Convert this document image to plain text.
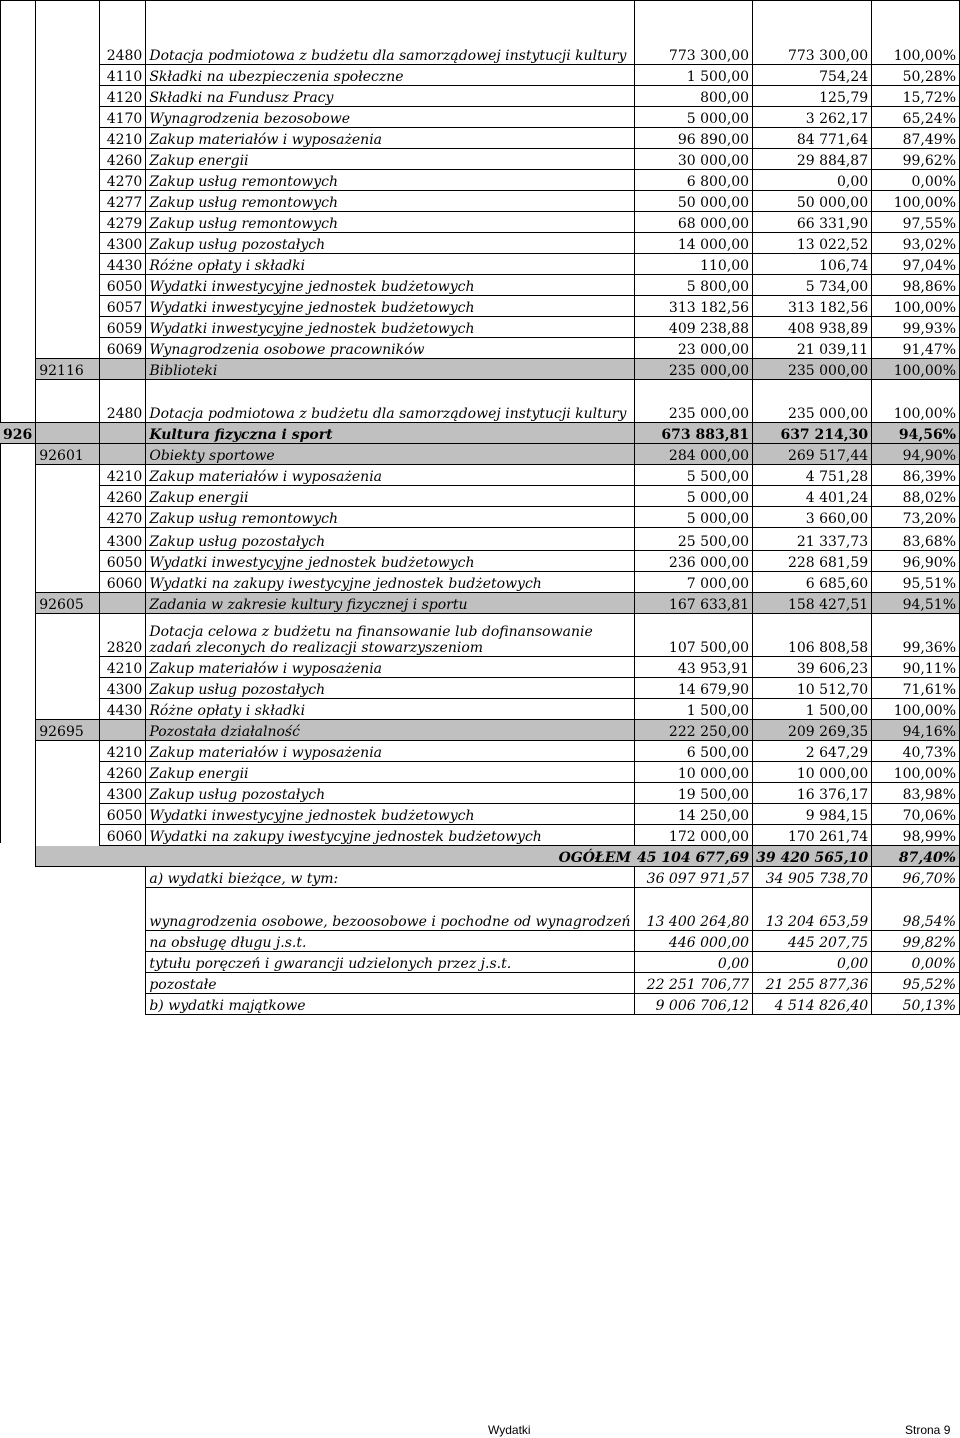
		2480	Dotacja podmiotowa z budżetu dla samorządowej instytucji kultury	773 300,00	773 300,00	100,00%
		4110	Składki na ubezpieczenia społeczne	1 500,00	754,24	50,28%
		4120	Składki na Fundusz Pracy	800,00	125,79	15,72%
		4170	Wynagrodzenia bezosobowe	5 000,00	3 262,17	65,24%
		4210	Zakup materiałów i wyposażenia	96 890,00	84 771,64	87,49%
		4260	Zakup energii	30 000,00	29 884,87	99,62%
		4270	Zakup usług remontowych	6 800,00	0,00	0,00%
		4277	Zakup usług remontowych	50 000,00	50 000,00	100,00%
		4279	Zakup usług remontowych	68 000,00	66 331,90	97,55%
		4300	Zakup usług pozostałych	14 000,00	13 022,52	93,02%
		4430	Różne opłaty i składki	110,00	106,74	97,04%
		6050	Wydatki inwestycyjne jednostek budżetowych	5 800,00	5 734,00	98,86%
		6057	Wydatki inwestycyjne jednostek budżetowych	313 182,56	313 182,56	100,00%
		6059	Wydatki inwestycyjne jednostek budżetowych	409 238,88	408 938,89	99,93%
		6069	Wynagrodzenia osobowe pracowników	23 000,00	21 039,11	91,47%
	92116		Biblioteki	235 000,00	235 000,00	100,00%
		2480	Dotacja podmiotowa z budżetu dla samorządowej instytucji kultury	235 000,00	235 000,00	100,00%
926			Kultura fizyczna i sport	673 883,81	637 214,30	94,56%
	92601		Obiekty sportowe	284 000,00	269 517,44	94,90%
		4210	Zakup materiałów i wyposażenia	5 500,00	4 751,28	86,39%
		4260	Zakup energii	5 000,00	4 401,24	88,02%
		4270	Zakup usług remontowych	5 000,00	3 660,00	73,20%
		4300	Zakup usług pozostałych	25 500,00	21 337,73	83,68%
		6050	Wydatki inwestycyjne jednostek budżetowych	236 000,00	228 681,59	96,90%
		6060	Wydatki na zakupy iwestycyjne jednostek budżetowych	7 000,00	6 685,60	95,51%
	92605		Zadania w zakresie kultury fizycznej i sportu	167 633,81	158 427,51	94,51%
		2820	Dotacja celowa z budżetu na finansowanie lub dofinansowanie zadań zleconych do realizacji stowarzyszeniom	107 500,00	106 808,58	99,36%
		4210	Zakup materiałów i wyposażenia	43 953,91	39 606,23	90,11%
		4300	Zakup usług pozostałych	14 679,90	10 512,70	71,61%
		4430	Różne opłaty i składki	1 500,00	1 500,00	100,00%
	92695		Pozostała działalność	222 250,00	209 269,35	94,16%
		4210	Zakup materiałów i wyposażenia	6 500,00	2 647,29	40,73%
		4260	Zakup energii	10 000,00	10 000,00	100,00%
		4300	Zakup usług pozostałych	19 500,00	16 376,17	83,98%
		6050	Wydatki inwestycyjne jednostek budżetowych	14 250,00	9 984,15	70,06%
		6060	Wydatki na zakupy iwestycyjne jednostek budżetowych	172 000,00	170 261,74	98,99%
	OGÓŁEM			45 104 677,69	39 420 565,10	87,40%
			a) wydatki bieżące, w tym:	36 097 971,57	34 905 738,70	96,70%
			wynagrodzenia osobowe, bezoosobowe i pochodne od wynagrodzeń	13 400 264,80	13 204 653,59	98,54%
			na obsługę długu j.s.t.	446 000,00	445 207,75	99,82%
			tytułu poręczeń i gwarancji udzielonych przez j.s.t.	0,00	0,00	0,00%
			pozostałe	22 251 706,77	21 255 877,36	95,52%
			b) wydatki majątkowe	9 006 706,12	4 514 826,40	50,13%
Wydatki	Strona 9
